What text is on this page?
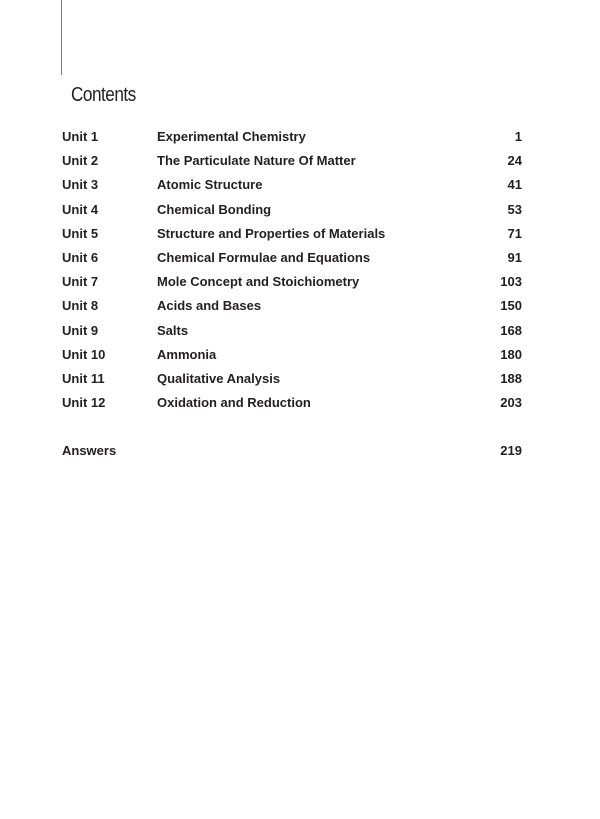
Contents
Unit 1	Experimental Chemistry	1
Unit 2	The Particulate Nature Of Matter	24
Unit 3	Atomic Structure	41
Unit 4	Chemical Bonding	53
Unit 5	Structure and Properties of Materials	71
Unit 6	Chemical Formulae and Equations	91
Unit 7	Mole Concept and Stoichiometry	103
Unit 8	Acids and Bases	150
Unit 9	Salts	168
Unit 10	Ammonia	180
Unit 11	Qualitative Analysis	188
Unit 12	Oxidation and Reduction	203
Answers	219
